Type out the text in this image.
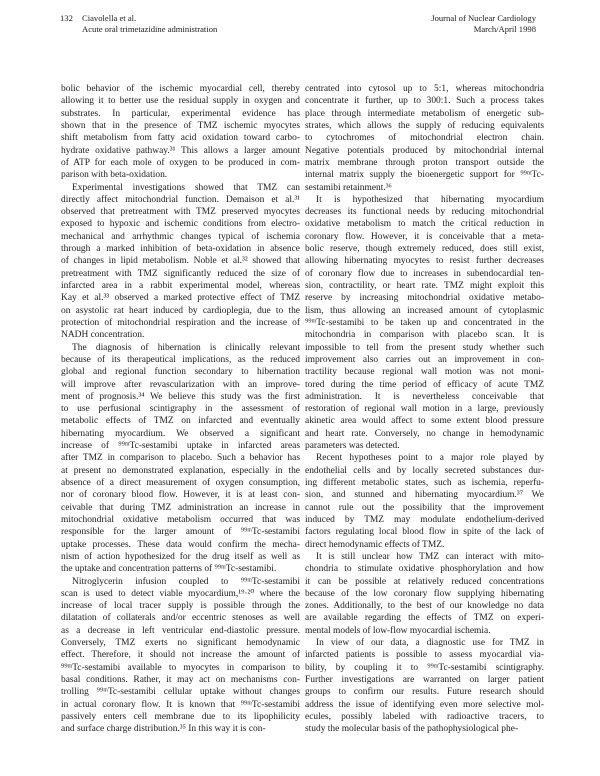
132 Ciavolella et al.
Acute oral trimetazidine administration
Journal of Nuclear Cardiology
March/April 1998

bolic behavior of the ischemic myocardial cell, thereby

allowing it to better use the residual supply in oxygen and

substrates. In particular, experimental evidence has

shown that in the presence of TMZ ischemic myocytes

shift metabolism from fatty acid oxidation toward carbo-

hydrate oxidative pathway.³¹ This allows a larger amount

of ATP for each mole of oxygen to be produced in com-

parison with beta-oxidation.

Experimental investigations showed that TMZ can

directly affect mitochondrial function. Demaison et al.³¹

observed that pretreatment with TMZ preserved myocytes

exposed to hypoxic and ischemic conditions from electro-

mechanical and arrhythmic changes typical of ischemia

through a marked inhibition of beta-oxidation in absence

of changes in lipid metabolism. Noble et al.³² showed that

pretreatment with TMZ significantly reduced the size of

infarcted area in a rabbit experimental model, whereas

Kay et al.³³ observed a marked protective effect of TMZ

on asystolic rat heart induced by cardioplegia, due to the

protection of mitochondrial respiration and the increase of

NADH concentration.

The diagnosis of hibernation is clinically relevant

because of its therapeutical implications, as the reduced

global and regional function secondary to hibernation

will improve after revascularization with an improve-

ment of prognosis.³⁴ We believe this study was the first

to use perfusional scintigraphy in the assessment of

metabolic effects of TMZ on infarcted and eventually

hibernating myocardium. We observed a significant

increase of ⁹⁹ᵐTc-sestamibi uptake in infarcted areas

after TMZ in comparison to placebo. Such a behavior has

at present no demonstrated explanation, especially in the

absence of a direct measurement of oxygen consumption,

nor of coronary blood flow. However, it is at least con-

ceivable that during TMZ administration an increase in

mitochondrial oxidative metabolism occurred that was

responsible for the larger amount of ⁹⁹ᵐTc-sestamibi

uptake processes. These data would confirm the mecha-

nism of action hypothesized for the drug itself as well as

the uptake and concentration patterns of ⁹⁹ᵐTc-sestamibi.

Nitroglycerin infusion coupled to ⁹⁹ᵐTc-sestamibi

scan is used to detect viable myocardium,¹⁹·²⁰ where the

increase of local tracer supply is possible through the

dilatation of collaterals and/or eccentric stenoses as well

as a decrease in left ventricular end-diastolic pressure.

Conversely, TMZ exerts no significant hemodynamic

effect. Therefore, it should not increase the amount of

⁹⁹ᵐTc-sestamibi available to myocytes in comparison to

basal conditions. Rather, it may act on mechanisms con-

trolling ⁹⁹ᵐTc-sestamibi cellular uptake without changes

in actual coronary flow. It is known that ⁹⁹ᵐTc-sestamibi

passively enters cell membrane due to its lipophilicity

and surface charge distribution.³⁵ In this way it is con-

centrated into cytosol up to 5:1, whereas mitochondria

concentrate it further, up to 300:1. Such a process takes

place through intermediate metabolism of energetic sub-

strates, which allows the supply of reducing equivalents

to cytochromes of mitochondrial electron chain.

Negative potentials produced by mitochondrial internal

matrix membrane through proton transport outside the

internal matrix supply the bioenergetic support for ⁹⁹ᵐTc-

sestamibi retainment.³⁶

It is hypothesized that hibernating myocardium

decreases its functional needs by reducing mitochondrial

oxidative metabolism to match the critical reduction in

coronary flow. However, it is conceivable that a meta-

bolic reserve, though extremely reduced, does still exist,

allowing hibernating myocytes to resist further decreases

of coronary flow due to increases in subendocardial ten-

sion, contractility, or heart rate. TMZ might exploit this

reserve by increasing mitochondrial oxidative metabo-

lism, thus allowing an increased amount of cytoplasmic

⁹⁹ᵐTc-sestamibi to be taken up and concentrated in the

mitochondria in comparison with placebo scan. It is

impossible to tell from the present study whether such

improvement also carries out an improvement in con-

tractility because regional wall motion was not moni-

tored during the time period of efficacy of acute TMZ

administration. It is nevertheless conceivable that

restoration of regional wall motion in a large, previously

akinetic area would affect to some extent blood pressure

and heart rate. Conversely, no change in hemodynamic

parameters was detected.

Recent hypotheses point to a major role played by

endothelial cells and by locally secreted substances dur-

ing different metabolic states, such as ischemia, reperfu-

sion, and stunned and hibernating myocardium.³⁷ We

cannot rule out the possibility that the improvement

induced by TMZ may modulate endothelium-derived

factors regulating local blood flow in spite of the lack of

direct hemodynamic effects of TMZ.

It is still unclear how TMZ can interact with mito-

chondria to stimulate oxidative phosphorylation and how

it can be possible at relatively reduced concentrations

because of the low coronary flow supplying hibernating

zones. Additionally, to the best of our knowledge no data

are available regarding the effects of TMZ on experi-

mental models of low-flow myocardial ischemia.

In view of our data, a diagnostic use for TMZ in

infarcted patients is possible to assess myocardial via-

bility, by coupling it to ⁹⁹ᵐTc-sestamibi scintigraphy.

Further investigations are warranted on larger patient

groups to confirm our results. Future research should

address the issue of identifying even more selective mol-

ecules, possibly labeled with radioactive tracers, to

study the molecular basis of the pathophysiological phe-
